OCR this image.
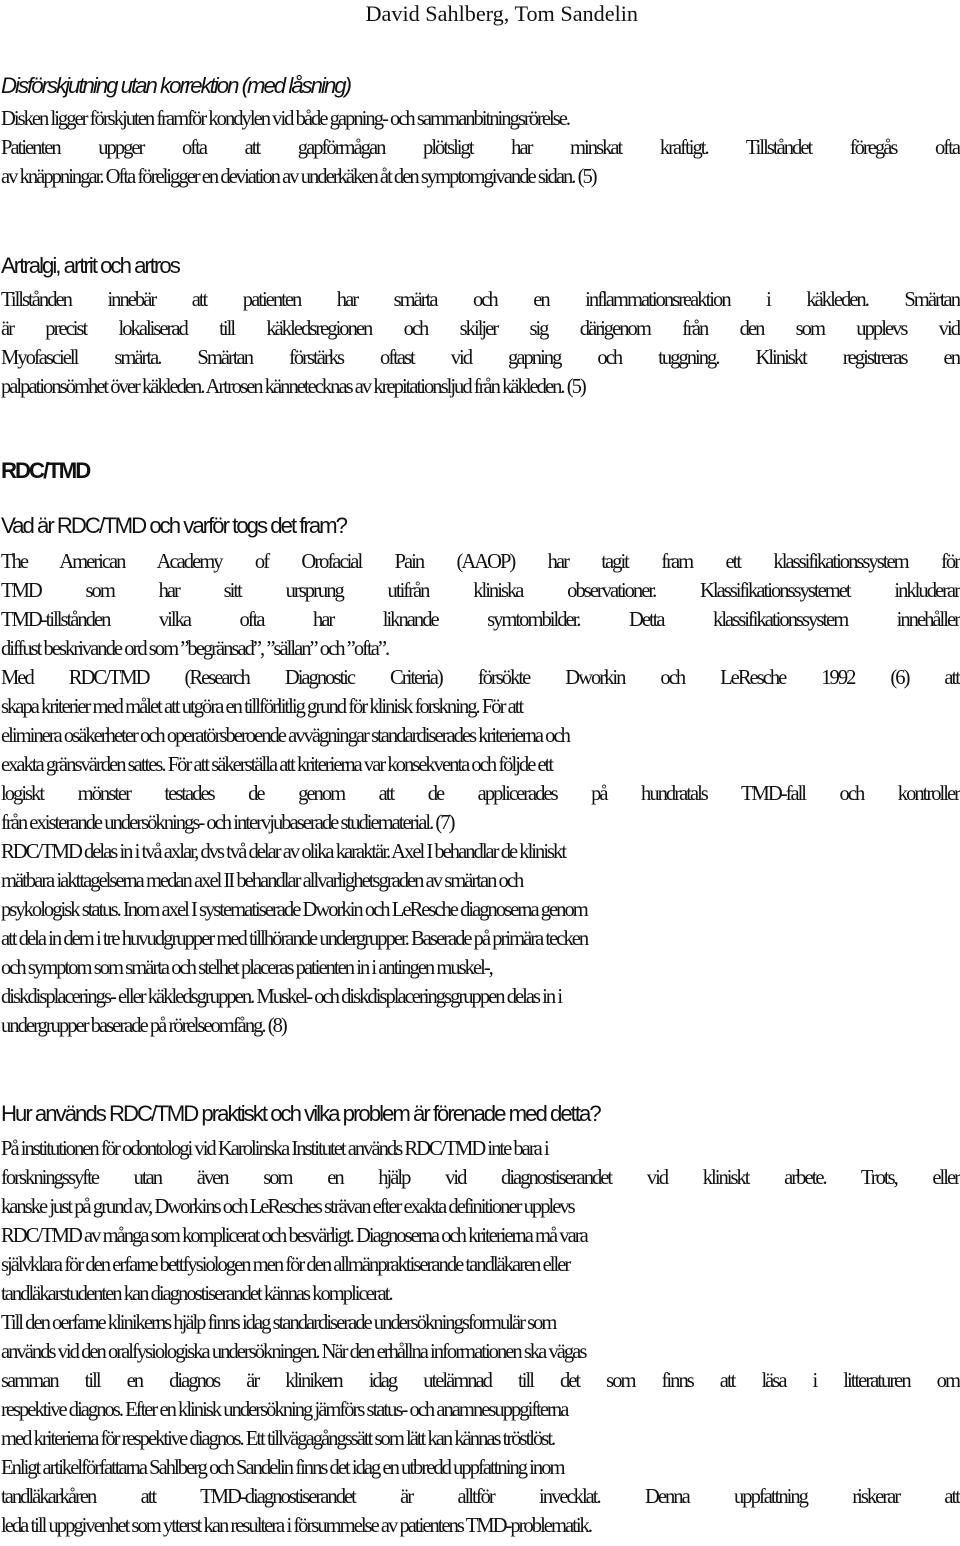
David Sahlberg, Tom Sandelin
Disförskjutning utan korrektion (med låsning)

Disken ligger förskjuten framför kondylen vid både gapning- och sammanbitningsrörelse.

Patienten uppger ofta att gapförmågan plötsligt har minskat kraftigt. Tillståndet föregås ofta

av knäppningar. Ofta föreligger en deviation av underkäken åt den symptomgivande sidan. (5)

Artralgi, artrit och artros

Tillstånden innebär att patienten har smärta och en inflammationsreaktion i käkleden. Smärtan

är precist lokaliserad till käkledsregionen och skiljer sig därigenom från den som upplevs vid

Myofasciell smärta. Smärtan förstärks oftast vid gapning och tuggning. Kliniskt registreras en

palpationsömhet över käkleden. Artrosen kännetecknas av krepitationsljud från käkleden. (5)

RDC/TMD
Vad är RDC/TMD och varför togs det fram?

The American Academy of Orofacial Pain (AAOP) har tagit fram ett klassifikationssystem för

TMD som har sitt ursprung utifrån kliniska observationer. Klassifikationssystemet inkluderar

TMD-tillstånden vilka ofta har liknande symtombilder. Detta klassifikationssystem innehåller

diffust beskrivande ord som ”begränsad”, ”sällan” och ”ofta”.

Med RDC/TMD (Research Diagnostic Criteria) försökte Dworkin och LeResche 1992 (6) att

skapa kriterier med målet att utgöra en tillförlitlig grund för klinisk forskning. För att

eliminera osäkerheter och operatörsberoende avvägningar standardiserades kriterierna och

exakta gränsvärden sattes. För att säkerställa att kriterierna var konsekventa och följde ett

logiskt mönster testades de genom att de applicerades på hundratals TMD-fall och kontroller

från existerande undersöknings- och intervjubaserade studiematerial. (7)

RDC/TMD delas in i två axlar, dvs två delar av olika karaktär. Axel I behandlar de kliniskt

mätbara iakttagelserna medan axel II behandlar allvarlighetsgraden av smärtan och

psykologisk status. Inom axel I systematiserade Dworkin och LeResche diagnoserna genom

att dela in dem i tre huvudgrupper med tillhörande undergrupper. Baserade på primära tecken

och symptom som smärta och stelhet placeras patienten in i antingen muskel-,

diskdisplacerings- eller käkledsgruppen. Muskel- och diskdisplaceringsgruppen delas in i

undergrupper baserade på rörelseomfång. (8)

Hur används RDC/TMD praktiskt och vilka problem är förenade med detta?

På institutionen för odontologi vid Karolinska Institutet används RDC/TMD inte bara i

forskningssyfte utan även som en hjälp vid diagnostiserandet vid kliniskt arbete. Trots, eller

kanske just på grund av, Dworkins och LeResches strävan efter exakta definitioner upplevs

RDC/TMD av många som komplicerat och besvärligt. Diagnoserna och kriterierna må vara

självklara för den erfarne bettfysiologen men för den allmänpraktiserande tandläkaren eller

tandläkarstudenten kan diagnostiserandet kännas komplicerat.

Till den oerfarne klinikerns hjälp finns idag standardiserade undersökningsformulär som

används vid den oralfysiologiska undersökningen. När den erhållna informationen ska vägas

samman till en diagnos är klinikern idag utelämnad till det som finns att läsa i litteraturen om

respektive diagnos. Efter en klinisk undersökning jämförs status- och anamnesuppgifterna

med kriterierna för respektive diagnos. Ett tillvägagångssätt som lätt kan kännas tröstlöst.

Enligt artikelförfattarna Sahlberg och Sandelin finns det idag en utbredd uppfattning inom

tandläkarkåren att TMD-diagnostiserandet är alltför invecklat. Denna uppfattning riskerar att

leda till uppgivenhet som ytterst kan resultera i försummelse av patientens TMD-problematik.
